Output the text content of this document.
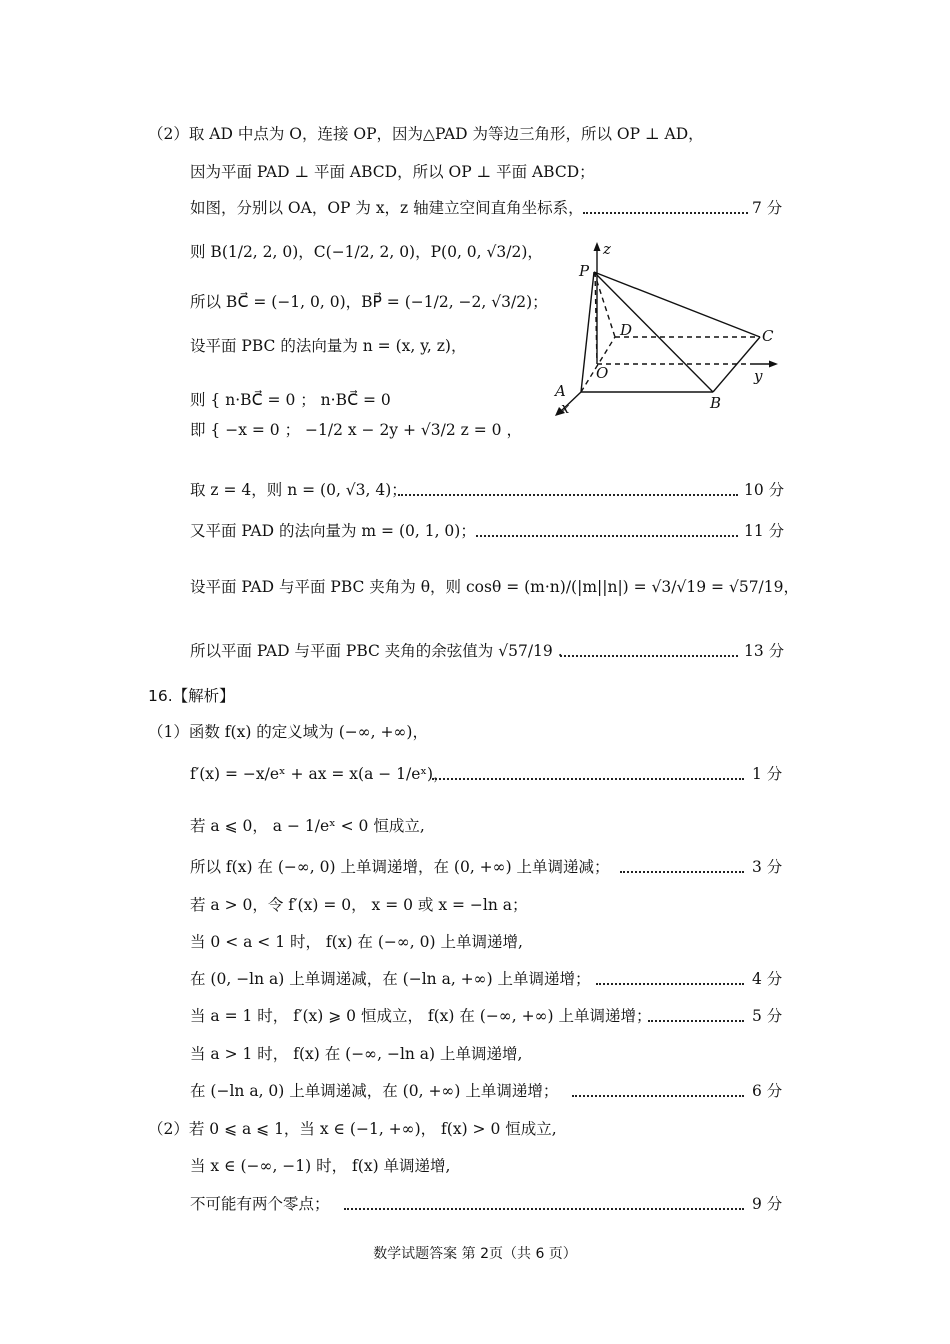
（2）取 AD 中点为 O，连接 OP，因为△PAD 为等边三角形，所以 OP ⊥ AD，
因为平面 PAD ⊥ 平面 ABCD，所以 OP ⊥ 平面 ABCD；
如图，分别以 OA，OP 为 x，z 轴建立空间直角坐标系，	7 分
则 B(1/2, 2, 0)，C(−1/2, 2, 0)，P(0, 0, √3/2)，
所以 BC⃗ = (−1, 0, 0)，BP⃗ = (−1/2, −2, √3/2)；
设平面 PBC 的法向量为 n = (x, y, z)，
则 { n·BC⃗ = 0 ； n·BC⃗ = 0
即 { −x = 0 ； −1/2 x − 2y + √3/2 z = 0 ，
取 z = 4，则 n = (0, √3, 4)；	10 分
又平面 PAD 的法向量为 m = (0, 1, 0)；	11 分
设平面 PAD 与平面 PBC 夹角为 θ，则 cosθ = (m·n)/(|m||n|) = √3/√19 = √57/19，
所以平面 PAD 与平面 PBC 夹角的余弦值为 √57/19 .	13 分
z
P
D	C
O	y
A
B
x
16.【解析】
（1）函数 f(x) 的定义域为 (−∞, +∞)，
f′(x) = −x/eˣ + ax = x(a − 1/eˣ)，	1 分
若 a ⩽ 0， a − 1/eˣ < 0 恒成立,
所以 f(x) 在 (−∞, 0) 上单调递增，在 (0, +∞) 上单调递减；	3 分
若 a > 0，令 f′(x) = 0， x = 0 或 x = −ln a；
当 0 < a < 1 时， f(x) 在 (−∞, 0) 上单调递增,
在 (0, −ln a) 上单调递减，在 (−ln a, +∞) 上单调递增；	4 分
当 a = 1 时， f′(x) ⩾ 0 恒成立， f(x) 在 (−∞, +∞) 上单调递增；	5 分
当 a > 1 时， f(x) 在 (−∞, −ln a) 上单调递增,
在 (−ln a, 0) 上单调递减，在 (0, +∞) 上单调递增；	6 分
（2）若 0 ⩽ a ⩽ 1，当 x ∈ (−1, +∞)， f(x) > 0 恒成立,
当 x ∈ (−∞, −1) 时， f(x) 单调递增,
不可能有两个零点；	9 分
数学试题答案 第 2页（共 6 页）
